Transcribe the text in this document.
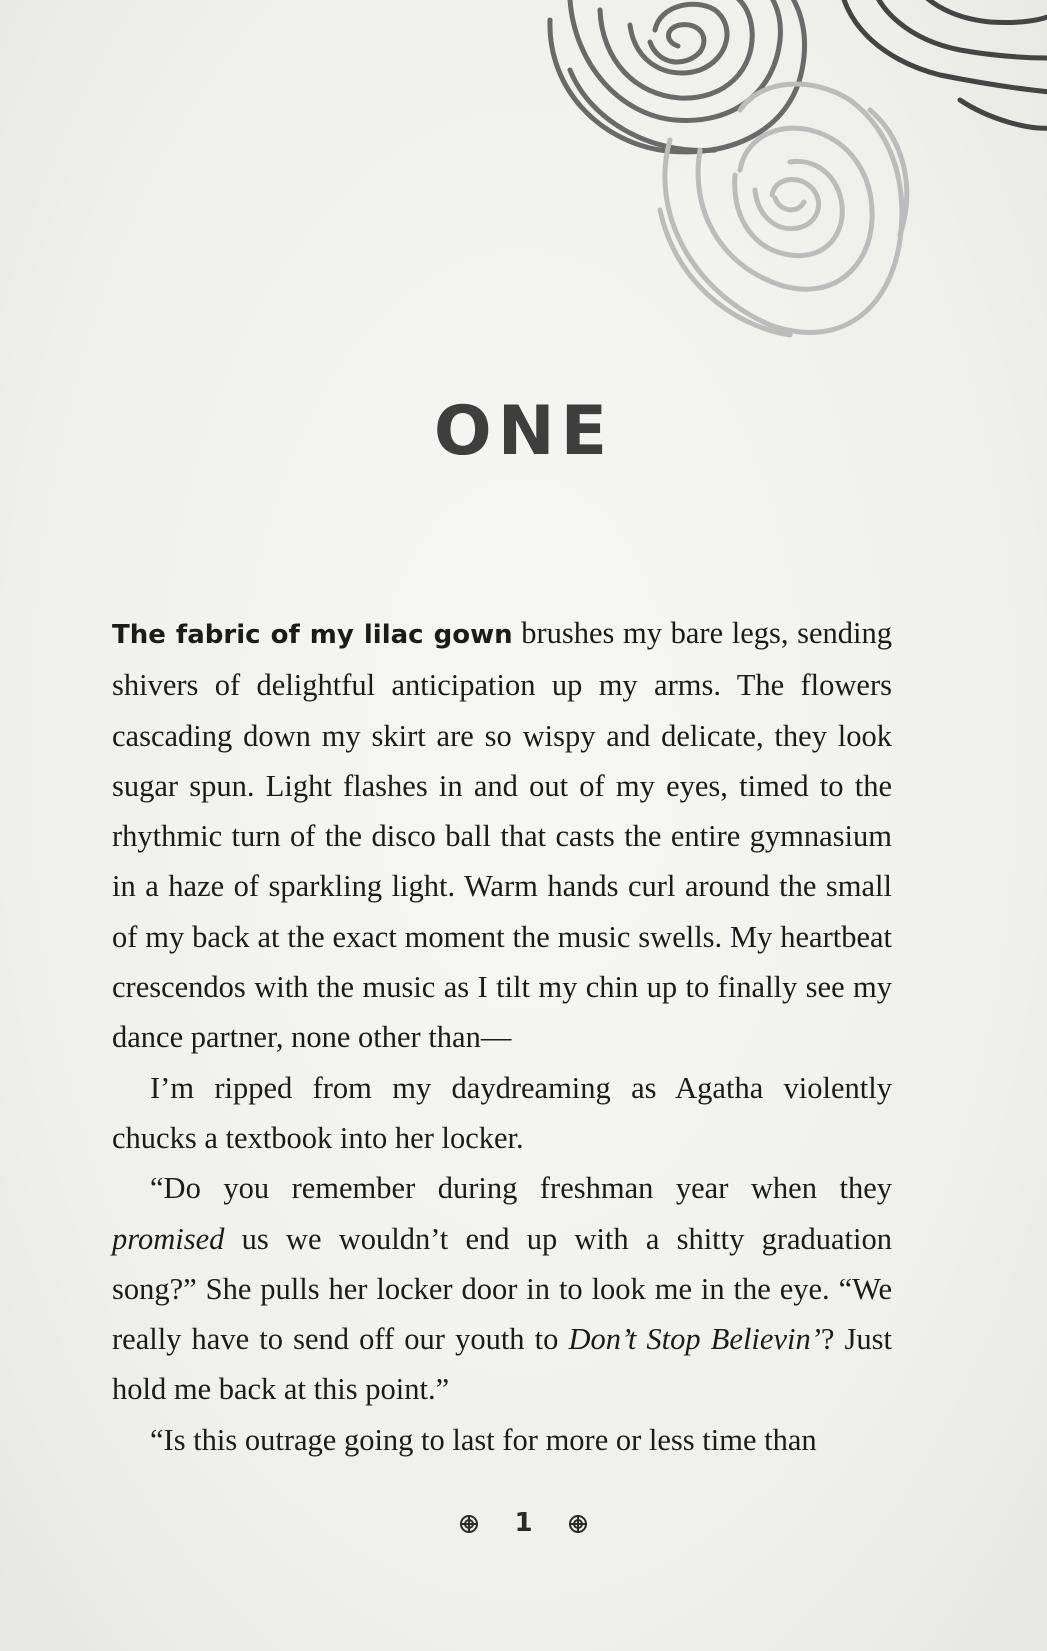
ONE

The fabric of my lilac gown brushes my bare legs, sending shivers of delightful anticipation up my arms. The flowers cascading down my skirt are so wispy and delicate, they look sugar spun. Light flashes in and out of my eyes, timed to the rhythmic turn of the disco ball that casts the entire gymnasium in a haze of sparkling light. Warm hands curl around the small of my back at the exact moment the music swells. My heartbeat crescendos with the music as I tilt my chin up to finally see my dance partner, none other than—

I’m ripped from my daydreaming as Agatha violently chucks a textbook into her locker.

“Do you remember during freshman year when they promised us we wouldn’t end up with a shitty graduation song?” She pulls her locker door in to look me in the eye. “We really have to send off our youth to Don’t Stop Believin’? Just hold me back at this point.”

“Is this outrage going to last for more or less time than

1
